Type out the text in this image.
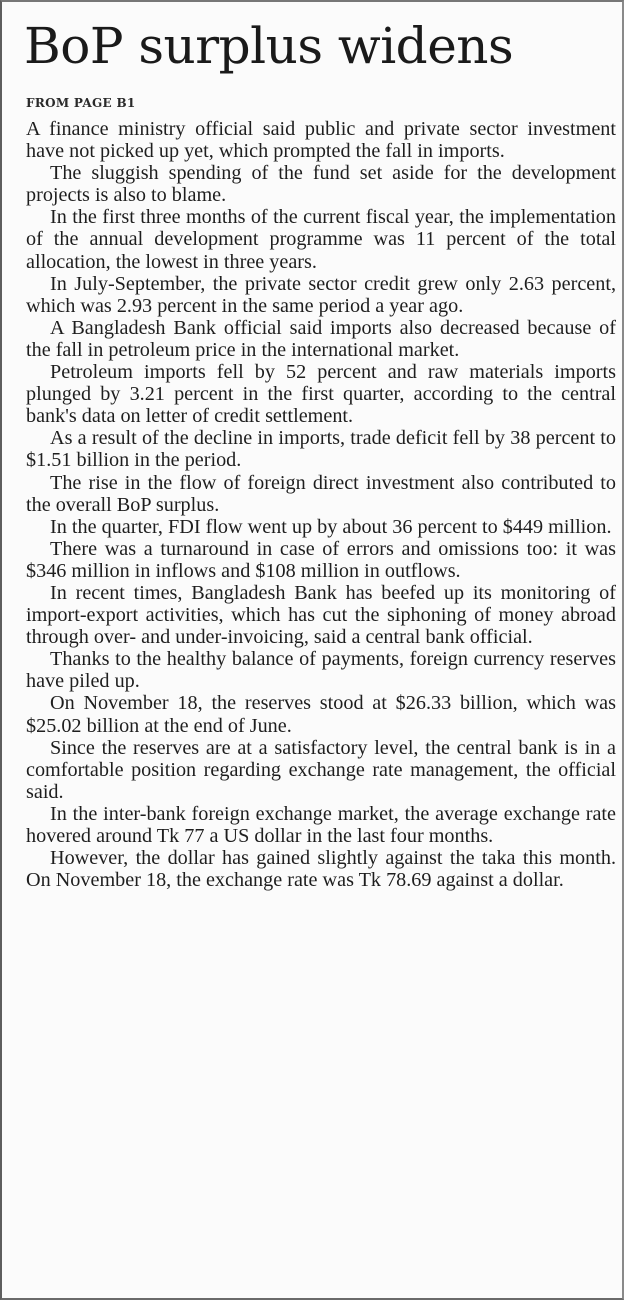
BoP surplus widens
FROM PAGE B1

A finance ministry official said public and private sector investment have not picked up yet, which prompted the fall in imports.

The sluggish spending of the fund set aside for the development projects is also to blame.

In the first three months of the current fiscal year, the implementation of the annual development programme was 11 percent of the total allocation, the lowest in three years.

In July-September, the private sector credit grew only 2.63 percent, which was 2.93 percent in the same period a year ago.

A Bangladesh Bank official said imports also decreased because of the fall in petroleum price in the international market.

Petroleum imports fell by 52 percent and raw materials imports plunged by 3.21 percent in the first quarter, according to the central bank's data on letter of credit settlement.

As a result of the decline in imports, trade deficit fell by 38 percent to $1.51 billion in the period.

The rise in the flow of foreign direct investment also contributed to the overall BoP surplus.

In the quarter, FDI flow went up by about 36 percent to $449 million.

There was a turnaround in case of errors and omissions too: it was $346 million in inflows and $108 million in outflows.

In recent times, Bangladesh Bank has beefed up its monitoring of import-export activities, which has cut the siphoning of money abroad through over- and under-invoicing, said a central bank official.

Thanks to the healthy balance of payments, foreign currency reserves have piled up.

On November 18, the reserves stood at $26.33 billion, which was $25.02 billion at the end of June.

Since the reserves are at a satisfactory level, the central bank is in a comfortable position regarding exchange rate management, the official said.

In the inter-bank foreign exchange market, the average exchange rate hovered around Tk 77 a US dollar in the last four months.

However, the dollar has gained slightly against the taka this month. On November 18, the exchange rate was Tk 78.69 against a dollar.
